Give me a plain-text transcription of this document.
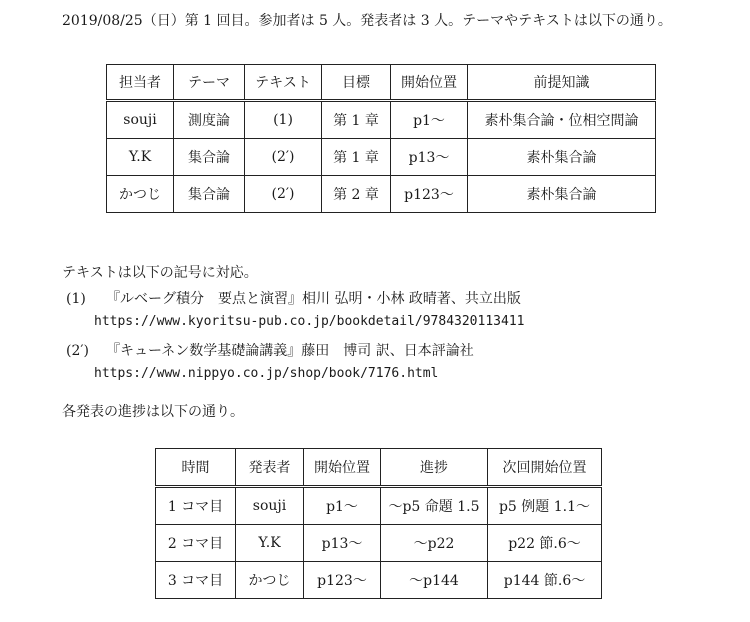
2019/08/25（日）第 1 回目。参加者は 5 人。発表者は 3 人。テーマやテキストは以下の通り。
担当者	テーマ	テキスト	目標	開始位置	前提知識
souji	測度論	(1)	第 1 章	p1〜	素朴集合論・位相空間論
Y.K	集合論	(2′)	第 1 章	p13〜	素朴集合論
かつじ	集合論	(2′)	第 2 章	p123〜	素朴集合論
テキストは以下の記号に対応。
(1) 『ルベーグ積分　要点と演習』相川 弘明・小林 政晴著、共立出版
https://www.kyoritsu-pub.co.jp/bookdetail/9784320113411
(2′) 『キューネン数学基礎論講義』藤田　博司 訳、日本評論社
https://www.nippyo.co.jp/shop/book/7176.html
各発表の進捗は以下の通り。
時間	発表者	開始位置	進捗	次回開始位置
1 コマ目	souji	p1〜	〜p5 命題 1.5	p5 例題 1.1〜
2 コマ目	Y.K	p13〜	〜p22	p22 節.6〜
3 コマ目	かつじ	p123〜	〜p144	p144 節.6〜
